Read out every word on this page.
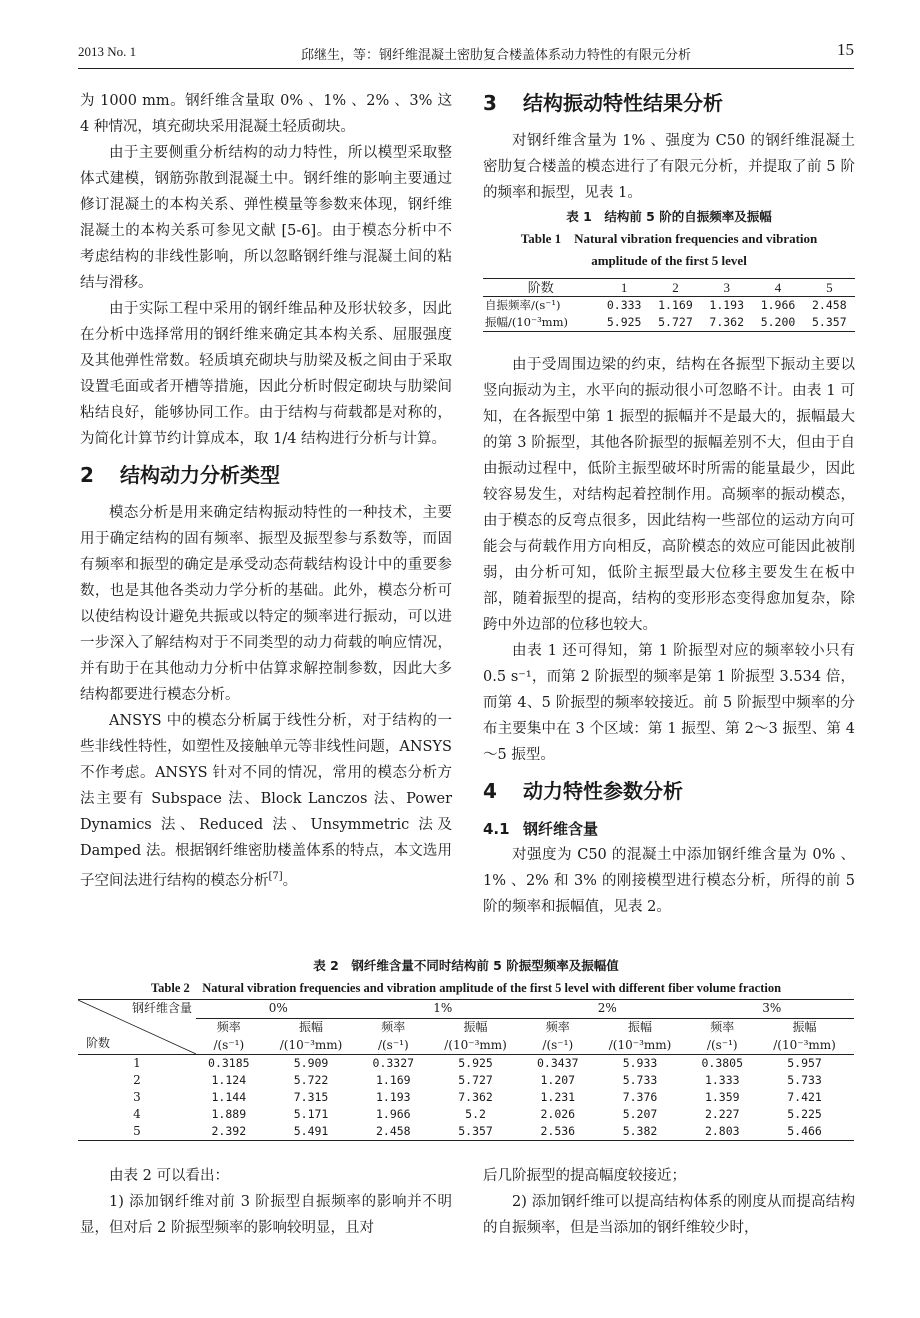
2013 No. 1	邱继生，等：钢纤维混凝土密肋复合楼盖体系动力特性的有限元分析	15

为 1000 mm。钢纤维含量取 0% 、1% 、2% 、3% 这 4 种情况，填充砌块采用混凝土轻质砌块。

由于主要侧重分析结构的动力特性，所以模型采取整体式建模，钢筋弥散到混凝土中。钢纤维的影响主要通过修订混凝土的本构关系、弹性模量等参数来体现，钢纤维混凝土的本构关系可参见文献 [5-6]。由于模态分析中不考虑结构的非线性影响，所以忽略钢纤维与混凝土间的粘结与滑移。

由于实际工程中采用的钢纤维品种及形状较多，因此在分析中选择常用的钢纤维来确定其本构关系、屈服强度及其他弹性常数。轻质填充砌块与肋梁及板之间由于采取设置毛面或者开槽等措施，因此分析时假定砌块与肋梁间粘结良好，能够协同工作。由于结构与荷载都是对称的，为简化计算节约计算成本，取 1/4 结构进行分析与计算。

2 结构动力分析类型

模态分析是用来确定结构振动特性的一种技术，主要用于确定结构的固有频率、振型及振型参与系数等，而固有频率和振型的确定是承受动态荷载结构设计中的重要参数，也是其他各类动力学分析的基础。此外，模态分析可以使结构设计避免共振或以特定的频率进行振动，可以进一步深入了解结构对于不同类型的动力荷载的响应情况，并有助于在其他动力分析中估算求解控制参数，因此大多结构都要进行模态分析。

ANSYS 中的模态分析属于线性分析，对于结构的一些非线性特性，如塑性及接触单元等非线性问题，ANSYS 不作考虑。ANSYS 针对不同的情况，常用的模态分析方法主要有 Subspace 法、Block Lanczos 法、Power Dynamics 法、Reduced 法、Unsymmetric 法及 Damped 法。根据钢纤维密肋楼盖体系的特点，本文选用子空间法进行结构的模态分析[7]。

3 结构振动特性结果分析

对钢纤维含量为 1% 、强度为 C50 的钢纤维混凝土密肋复合楼盖的模态进行了有限元分析，并提取了前 5 阶的频率和振型，见表 1。

表 1　结构前 5 阶的自振频率及振幅
Table 1　Natural vibration frequencies and vibration
amplitude of the first 5 level
阶数	1	2	3	4	5
自振频率/(s⁻¹)	0.333	1.169	1.193	1.966	2.458
振幅/(10⁻³mm)	5.925	5.727	7.362	5.200	5.357

由于受周围边梁的约束，结构在各振型下振动主要以竖向振动为主，水平向的振动很小可忽略不计。由表 1 可知，在各振型中第 1 振型的振幅并不是最大的，振幅最大的第 3 阶振型，其他各阶振型的振幅差别不大，但由于自由振动过程中，低阶主振型破坏时所需的能量最少，因此较容易发生，对结构起着控制作用。高频率的振动模态，由于模态的反弯点很多，因此结构一些部位的运动方向可能会与荷载作用方向相反，高阶模态的效应可能因此被削弱，由分析可知，低阶主振型最大位移主要发生在板中部，随着振型的提高，结构的变形形态变得愈加复杂，除跨中外边部的位移也较大。

由表 1 还可得知，第 1 阶振型对应的频率较小只有 0.5 s⁻¹，而第 2 阶振型的频率是第 1 阶振型 3.534 倍，而第 4、5 阶振型的频率较接近。前 5 阶振型中频率的分布主要集中在 3 个区域：第 1 振型、第 2～3 振型、第 4～5 振型。

4 动力特性参数分析
4.1 钢纤维含量

对强度为 C50 的混凝土中添加钢纤维含量为 0% 、1% 、2% 和 3% 的刚接模型进行模态分析，所得的前 5 阶的频率和振幅值，见表 2。

表 2　钢纤维含量不同时结构前 5 阶振型频率及振幅值
Table 2　Natural vibration frequencies and vibration amplitude of the first 5 level with different fiber volume fraction
钢纤维含量
阶数	0%		1%		2%		3%	
	频率	振幅	频率	振幅	频率	振幅	频率	振幅
	/(s⁻¹)	/(10⁻³mm)	/(s⁻¹)	/(10⁻³mm)	/(s⁻¹)	/(10⁻³mm)	/(s⁻¹)	/(10⁻³mm)
1	0.3185	5.909	0.3327	5.925	0.3437	5.933	0.3805	5.957
2	1.124	5.722	1.169	5.727	1.207	5.733	1.333	5.733
3	1.144	7.315	1.193	7.362	1.231	7.376	1.359	7.421
4	1.889	5.171	1.966	5.2	2.026	5.207	2.227	5.225
5	2.392	5.491	2.458	5.357	2.536	5.382	2.803	5.466

由表 2 可以看出：

1) 添加钢纤维对前 3 阶振型自振频率的影响并不明显，但对后 2 阶振型频率的影响较明显，且对

后几阶振型的提高幅度较接近；

2) 添加钢纤维可以提高结构体系的刚度从而提高结构的自振频率，但是当添加的钢纤维较少时，
